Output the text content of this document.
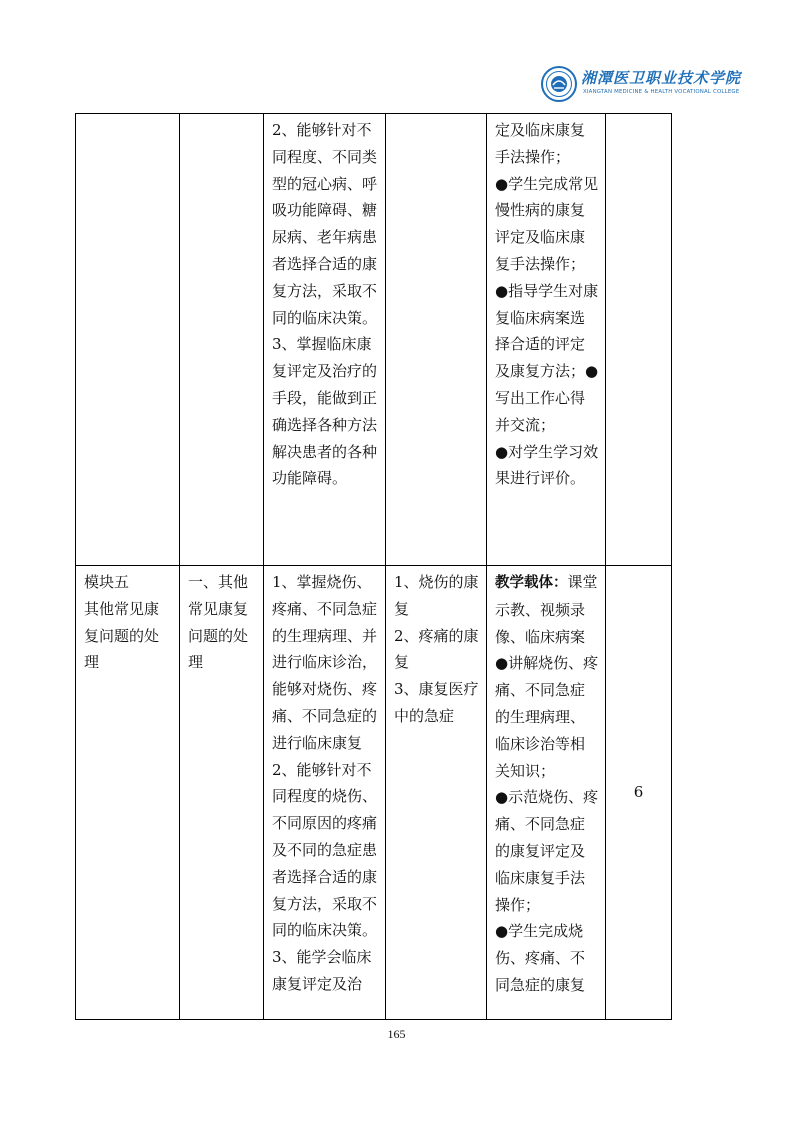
湘潭医卫职业技术学院
XIANGTAN MEDICINE & HEALTH VOCATIONAL COLLEGE

		2、能够针对不同程度、不同类型的冠心病、呼吸功能障碍、糖尿病、老年病患者选择合适的康复方法，采取不同的临床决策。
3、掌握临床康复评定及治疗的手段，能做到正确选择各种方法解决患者的各种功能障碍。		定及临床康复手法操作；
●学生完成常见慢性病的康复评定及临床康复手法操作；
●指导学生对康复临床病案选择合适的评定及康复方法；●写出工作心得并交流；
●对学生学习效果进行评价。	

模块五
其他常见康复问题的处理	一、其他常见康复问题的处理	1、掌握烧伤、疼痛、不同急症的生理病理、并进行临床诊治，能够对烧伤、疼痛、不同急症的进行临床康复
2、能够针对不同程度的烧伤、不同原因的疼痛及不同的急症患者选择合适的康复方法，采取不同的临床决策。
3、能学会临床康复评定及治	1、烧伤的康复
2、疼痛的康复
3、康复医疗中的急症	教学载体：课堂示教、视频录像、临床病案
●讲解烧伤、疼痛、不同急症的生理病理、临床诊治等相关知识；
●示范烧伤、疼痛、不同急症的康复评定及临床康复手法操作；
●学生完成烧伤、疼痛、不同急症的康复	6
165
